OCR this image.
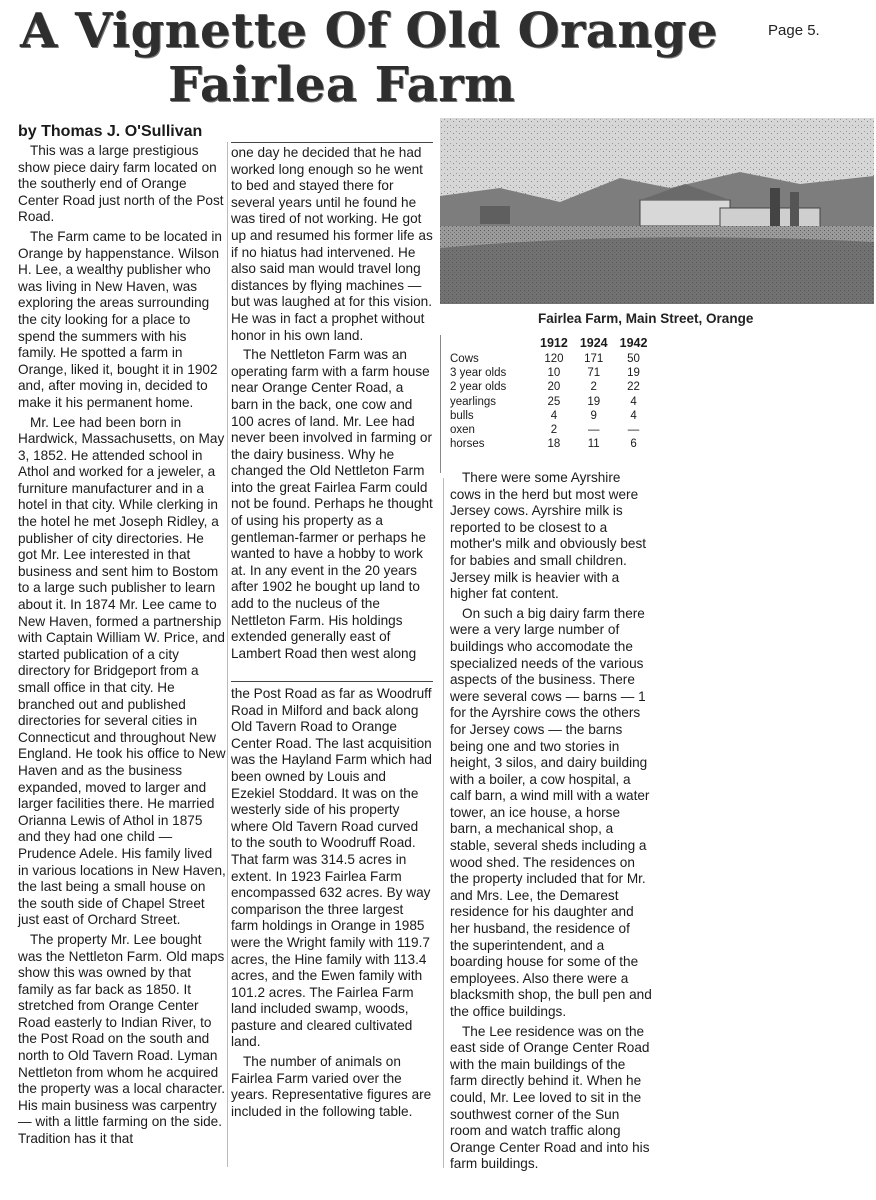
A Vignette Of Old Orange
Fairlea Farm
Page 5.
by Thomas J. O'Sullivan

This was a large prestigious show piece dairy farm located on the southerly end of Orange Center Road just north of the Post Road.

The Farm came to be located in Orange by happenstance. Wilson H. Lee, a wealthy publisher who was living in New Haven, was exploring the areas surrounding the city looking for a place to spend the summers with his family. He spotted a farm in Orange, liked it, bought it in 1902 and, after moving in, decided to make it his permanent home.

Mr. Lee had been born in Hardwick, Massachusetts, on May 3, 1852. He attended school in Athol and worked for a jeweler, a furniture manufacturer and in a hotel in that city. While clerking in the hotel he met Joseph Ridley, a publisher of city directories. He got Mr. Lee interested in that business and sent him to Bostom to a large such publisher to learn about it. In 1874 Mr. Lee came to New Haven, formed a partnership with Captain William W. Price, and started publication of a city directory for Bridgeport from a small office in that city. He branched out and published directories for several cities in Connecticut and throughout New England. He took his office to New Haven and as the business expanded, moved to larger and larger facilities there. He married Orianna Lewis of Athol in 1875 and they had one child — Prudence Adele. His family lived in various locations in New Haven, the last being a small house on the south side of Chapel Street just east of Orchard Street.

The property Mr. Lee bought was the Nettleton Farm. Old maps show this was owned by that family as far back as 1850. It stretched from Orange Center Road easterly to Indian River, to the Post Road on the south and north to Old Tavern Road. Lyman Nettleton from whom he acquired the property was a local character. His main business was carpentry — with a little farming on the side. Tradition has it that

one day he decided that he had worked long enough so he went to bed and stayed there for several years until he found he was tired of not working. He got up and resumed his former life as if no hiatus had intervened. He also said man would travel long distances by flying machines — but was laughed at for this vision. He was in fact a prophet without honor in his own land.

The Nettleton Farm was an operating farm with a farm house near Orange Center Road, a barn in the back, one cow and 100 acres of land. Mr. Lee had never been involved in farming or the dairy business. Why he changed the Old Nettleton Farm into the great Fairlea Farm could not be found. Perhaps he thought of using his property as a gentleman-farmer or perhaps he wanted to have a hobby to work at. In any event in the 20 years after 1902 he bought up land to add to the nucleus of the Nettleton Farm. His holdings extended generally east of Lambert Road then west along

the Post Road as far as Woodruff Road in Milford and back along Old Tavern Road to Orange Center Road. The last acquisition was the Hayland Farm which had been owned by Louis and Ezekiel Stoddard. It was on the westerly side of his property where Old Tavern Road curved to the south to Woodruff Road. That farm was 314.5 acres in extent. In 1923 Fairlea Farm encompassed 632 acres. By way comparison the three largest farm holdings in Orange in 1985 were the Wright family with 119.7 acres, the Hine family with 113.4 acres, and the Ewen family with 101.2 acres. The Fairlea Farm land included swamp, woods, pasture and cleared cultivated land.

The number of animals on Fairlea Farm varied over the years. Representative figures are included in the following table.

Fairlea Farm, Main Street, Orange
	1912	1924	1942
Cows	120	171	50
3 year olds	10	71	19
2 year olds	20	2	22
yearlings	25	19	4
bulls	4	9	4
oxen	2	—	—
horses	18	11	6

There were some Ayrshire cows in the herd but most were Jersey cows. Ayrshire milk is reported to be closest to a mother's milk and obviously best for babies and small children. Jersey milk is heavier with a higher fat content.

On such a big dairy farm there were a very large number of buildings who accomodate the specialized needs of the various aspects of the business. There were several cows — barns — 1 for the Ayrshire cows the others for Jersey cows — the barns being one and two stories in height, 3 silos, and dairy building with a boiler, a cow hospital, a calf barn, a wind mill with a water tower, an ice house, a horse barn, a mechanical shop, a stable, several sheds including a wood shed. The residences on the property included that for Mr. and Mrs. Lee, the Demarest residence for his daughter and her husband, the residence of the superintendent, and a boarding house for some of the employees. Also there were a blacksmith shop, the bull pen and the office buildings.

The Lee residence was on the east side of Orange Center Road with the main buildings of the farm directly behind it. When he could, Mr. Lee loved to sit in the southwest corner of the Sun room and watch traffic along Orange Center Road and into his farm buildings.
